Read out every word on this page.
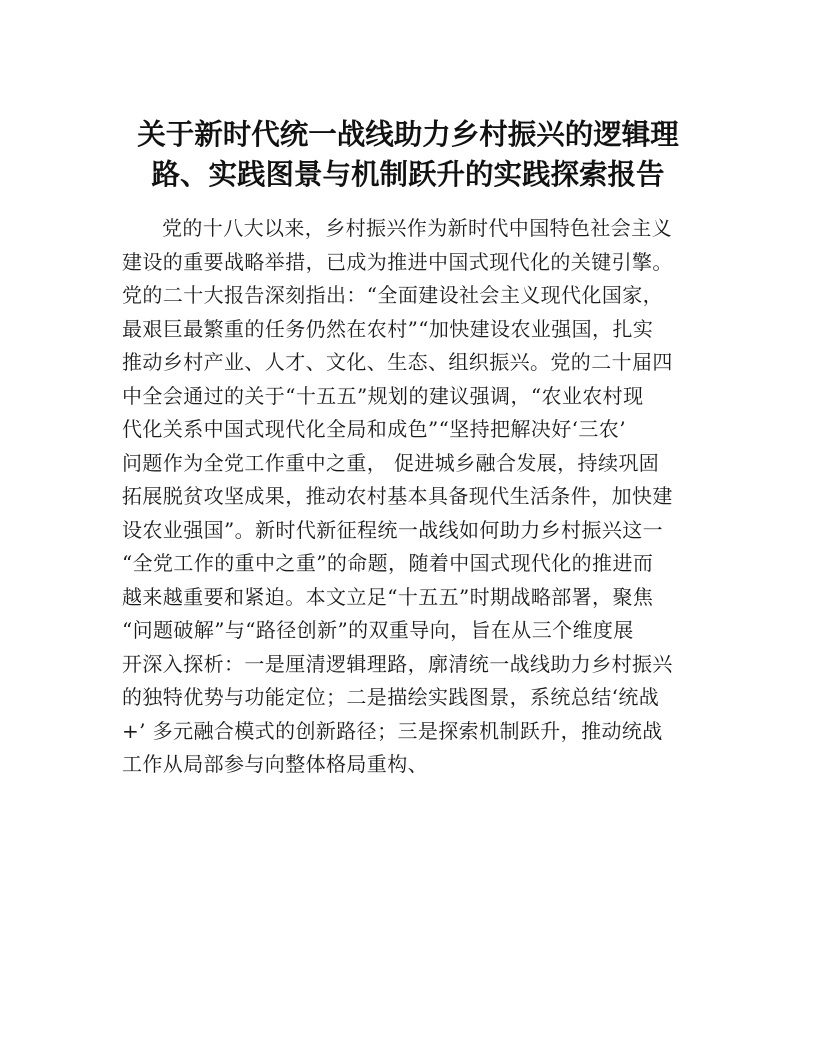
关于新时代统一战线助力乡村振兴的逻辑理
路、实践图景与机制跃升的实践探索报告
党的十八大以来，乡村振兴作为新时代中国特色社会主义
建设的重要战略举措，已成为推进中国式现代化的关键引擎。
党的二十大报告深刻指出：“全面建设社会主义现代化国家，
最艰巨最繁重的任务仍然在农村”“加快建设农业强国，扎实
推动乡村产业、人才、文化、生态、组织振兴。党的二十届四
中全会通过的关于“十五五”规划的建议强调，“农业农村现
代化关系中国式现代化全局和成色”“坚持把解决好‘三农’
问题作为全党工作重中之重， 促进城乡融合发展，持续巩固
拓展脱贫攻坚成果，推动农村基本具备现代生活条件，加快建
设农业强国”。新时代新征程统一战线如何助力乡村振兴这一
“全党工作的重中之重”的命题，随着中国式现代化的推进而
越来越重要和紧迫。本文立足“十五五”时期战略部署，聚焦
“问题破解”与“路径创新”的双重导向，旨在从三个维度展
开深入探析：一是厘清逻辑理路，廓清统一战线助力乡村振兴
的独特优势与功能定位；二是描绘实践图景，系统总结‘统战
+’ 多元融合模式的创新路径；三是探索机制跃升，推动统战
工作从局部参与向整体格局重构、
